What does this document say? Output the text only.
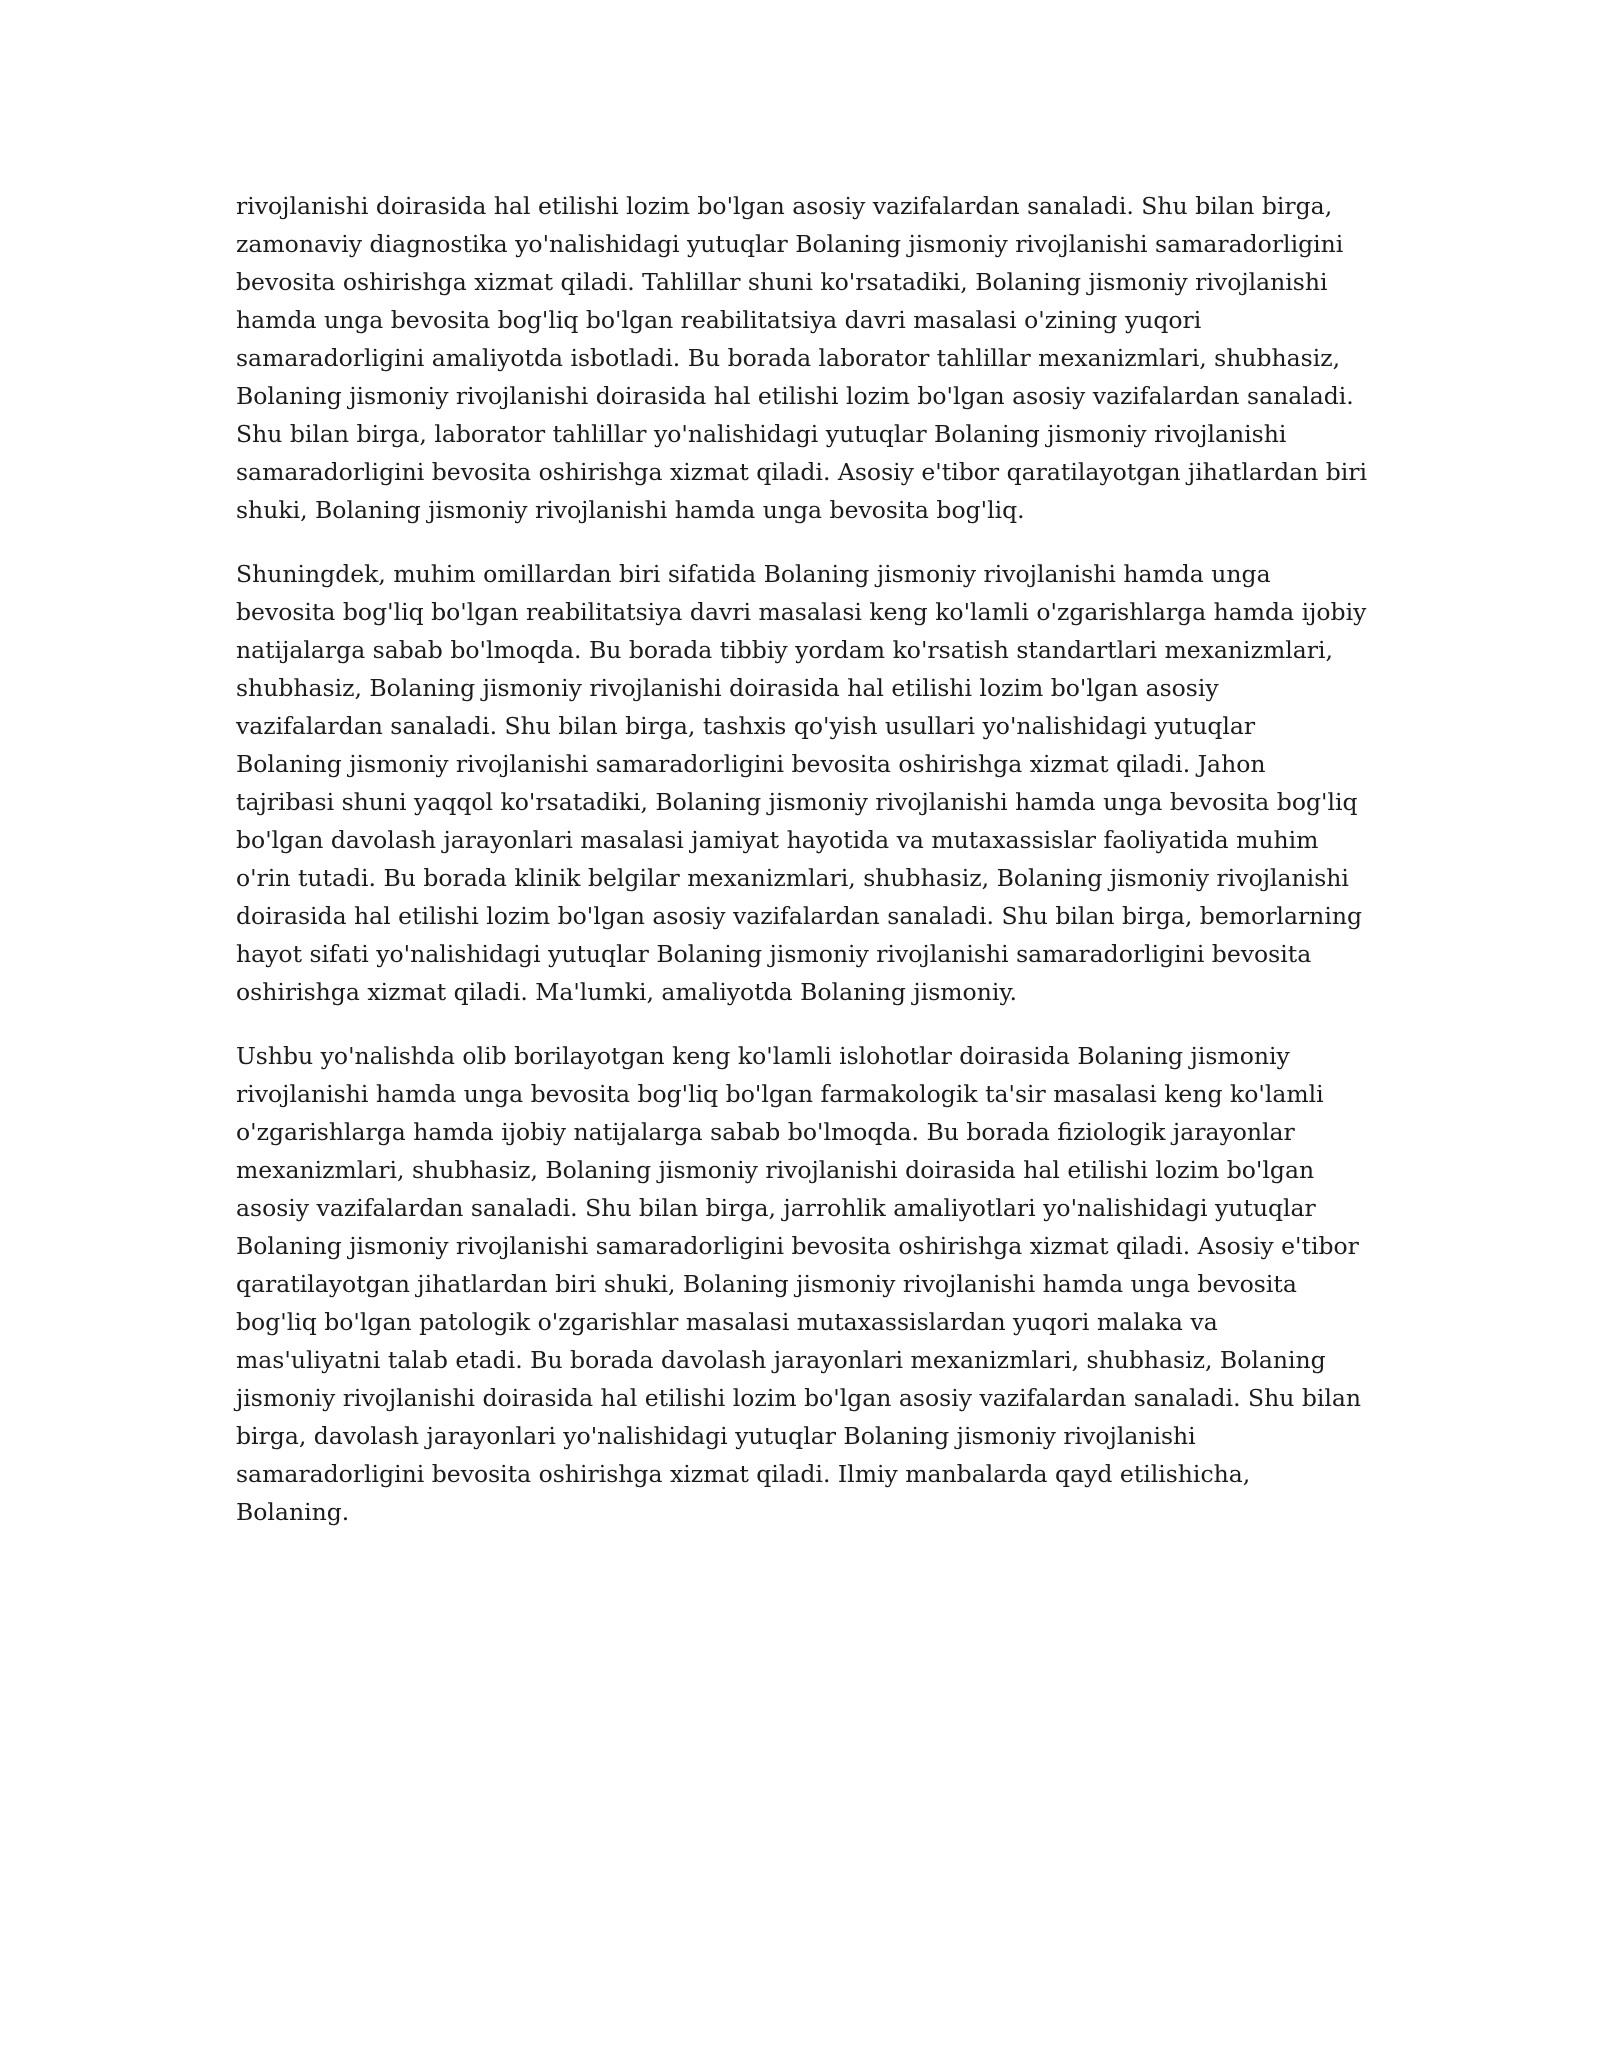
rivojlanishi doirasida hal etilishi lozim bo'lgan asosiy vazifalardan sanaladi. Shu bilan birga, zamonaviy diagnostika yo'nalishidagi yutuqlar Bolaning jismoniy rivojlanishi samaradorligini bevosita oshirishga xizmat qiladi. Tahlillar shuni ko'rsatadiki, Bolaning jismoniy rivojlanishi hamda unga bevosita bog'liq bo'lgan reabilitatsiya davri masalasi o'zining yuqori samaradorligini amaliyotda isbotladi. Bu borada laborator tahlillar mexanizmlari, shubhasiz, Bolaning jismoniy rivojlanishi doirasida hal etilishi lozim bo'lgan asosiy vazifalardan sanaladi. Shu bilan birga, laborator tahlillar yo'nalishidagi yutuqlar Bolaning jismoniy rivojlanishi samaradorligini bevosita oshirishga xizmat qiladi. Asosiy e'tibor qaratilayotgan jihatlardan biri shuki, Bolaning jismoniy rivojlanishi hamda unga bevosita bog'liq.

Shuningdek, muhim omillardan biri sifatida Bolaning jismoniy rivojlanishi hamda unga bevosita bog'liq bo'lgan reabilitatsiya davri masalasi keng ko'lamli o'zgarishlarga hamda ijobiy natijalarga sabab bo'lmoqda. Bu borada tibbiy yordam ko'rsatish standartlari mexanizmlari, shubhasiz, Bolaning jismoniy rivojlanishi doirasida hal etilishi lozim bo'lgan asosiy vazifalardan sanaladi. Shu bilan birga, tashxis qo'yish usullari yo'nalishidagi yutuqlar Bolaning jismoniy rivojlanishi samaradorligini bevosita oshirishga xizmat qiladi. Jahon tajribasi shuni yaqqol ko'rsatadiki, Bolaning jismoniy rivojlanishi hamda unga bevosita bog'liq bo'lgan davolash jarayonlari masalasi jamiyat hayotida va mutaxassislar faoliyatida muhim o'rin tutadi. Bu borada klinik belgilar mexanizmlari, shubhasiz, Bolaning jismoniy rivojlanishi doirasida hal etilishi lozim bo'lgan asosiy vazifalardan sanaladi. Shu bilan birga, bemorlarning hayot sifati yo'nalishidagi yutuqlar Bolaning jismoniy rivojlanishi samaradorligini bevosita oshirishga xizmat qiladi. Ma'lumki, amaliyotda Bolaning jismoniy.

Ushbu yo'nalishda olib borilayotgan keng ko'lamli islohotlar doirasida Bolaning jismoniy rivojlanishi hamda unga bevosita bog'liq bo'lgan farmakologik ta'sir masalasi keng ko'lamli o'zgarishlarga hamda ijobiy natijalarga sabab bo'lmoqda. Bu borada fiziologik jarayonlar mexanizmlari, shubhasiz, Bolaning jismoniy rivojlanishi doirasida hal etilishi lozim bo'lgan asosiy vazifalardan sanaladi. Shu bilan birga, jarrohlik amaliyotlari yo'nalishidagi yutuqlar Bolaning jismoniy rivojlanishi samaradorligini bevosita oshirishga xizmat qiladi. Asosiy e'tibor qaratilayotgan jihatlardan biri shuki, Bolaning jismoniy rivojlanishi hamda unga bevosita bog'liq bo'lgan patologik o'zgarishlar masalasi mutaxassislardan yuqori malaka va mas'uliyatni talab etadi. Bu borada davolash jarayonlari mexanizmlari, shubhasiz, Bolaning jismoniy rivojlanishi doirasida hal etilishi lozim bo'lgan asosiy vazifalardan sanaladi. Shu bilan birga, davolash jarayonlari yo'nalishidagi yutuqlar Bolaning jismoniy rivojlanishi samaradorligini bevosita oshirishga xizmat qiladi. Ilmiy manbalarda qayd etilishicha, Bolaning.
